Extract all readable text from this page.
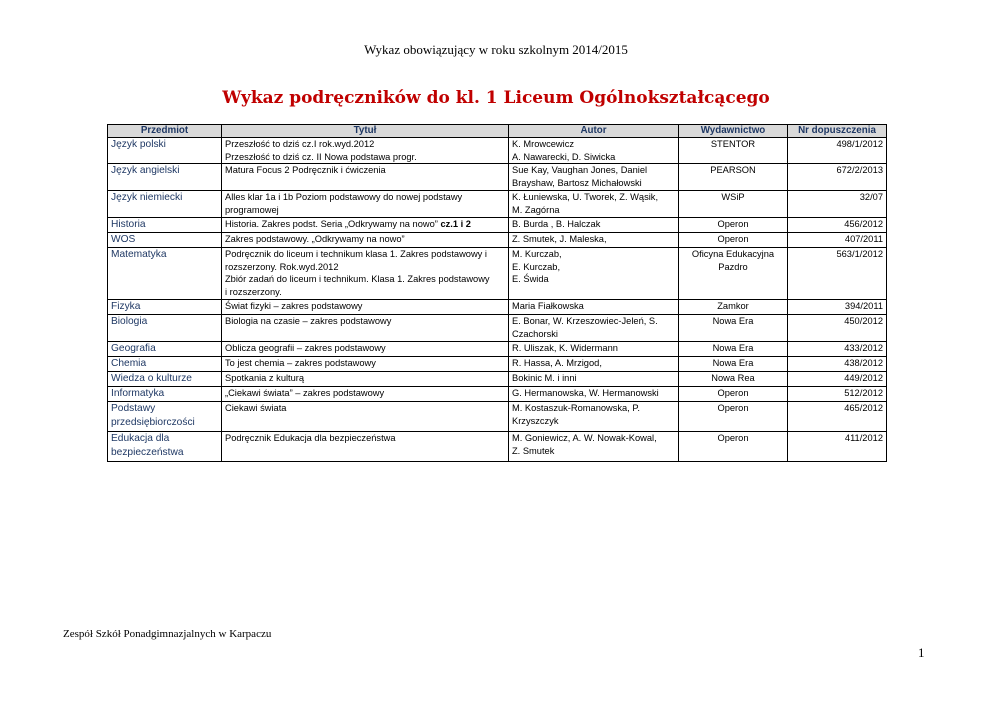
Wykaz obowiązujący w roku szkolnym 2014/2015
Wykaz podręczników do kl. 1 Liceum Ogólnokształcącego
Przedmiot	Tytuł	Autor	Wydawnictwo	Nr dopuszczenia
Język polski	Przeszłość to dziś cz.I rok.wyd.2012
Przeszłość to dziś cz. II Nowa podstawa progr.	K. Mrowcewicz
A. Nawarecki, D. Siwicka	STENTOR	498/1/2012
Język angielski	Matura Focus 2 Podręcznik i ćwiczenia	Sue Kay, Vaughan Jones, Daniel
Brayshaw, Bartosz Michałowski	PEARSON	672/2/2013
Język niemiecki	Alles klar 1a i 1b Poziom podstawowy do nowej podstawy
programowej	K. Łuniewska, U. Tworek, Z. Wąsik,
M. Zagórna	WSiP	32/07
Historia	Historia. Zakres podst. Seria „Odkrywamy na nowo” cz.1 i 2	B. Burda , B. Halczak	Operon	456/2012
WOS	Zakres podstawowy. „Odkrywamy na nowo”	Z. Smutek, J. Maleska,	Operon	407/2011
Matematyka	Podręcznik do liceum i technikum klasa 1. Zakres podstawowy i
rozszerzony. Rok.wyd.2012
Zbiór zadań do liceum i technikum. Klasa 1. Zakres podstawowy
i rozszerzony.	M. Kurczab,
E. Kurczab,
E. Świda	Oficyna Edukacyjna Pazdro	563/1/2012
Fizyka	Świat fizyki – zakres podstawowy	Maria Fiałkowska	Zamkor	394/2011
Biologia	Biologia na czasie – zakres podstawowy	E. Bonar, W. Krzeszowiec-Jeleń, S.
Czachorski	Nowa Era	450/2012
Geografia	Oblicza geografii – zakres podstawowy	R. Uliszak, K. Widermann	Nowa Era	433/2012
Chemia	To jest chemia – zakres podstawowy	R. Hassa, A. Mrzigod,	Nowa Era	438/2012
Wiedza o kulturze	Spotkania z kulturą	Bokinic M. i inni	Nowa Rea	449/2012
Informatyka	„Ciekawi świata” – zakres podstawowy	G. Hermanowska, W. Hermanowski	Operon	512/2012
Podstawy
przedsiębiorczości	Ciekawi świata	M. Kostaszuk-Romanowska, P.
Krzyszczyk	Operon	465/2012
Edukacja dla
bezpieczeństwa	Podręcznik Edukacja dla bezpieczeństwa	M. Goniewicz, A. W. Nowak-Kowal,
Z. Smutek	Operon	411/2012
Zespół Szkół Ponadgimnazjalnych w Karpaczu
1
